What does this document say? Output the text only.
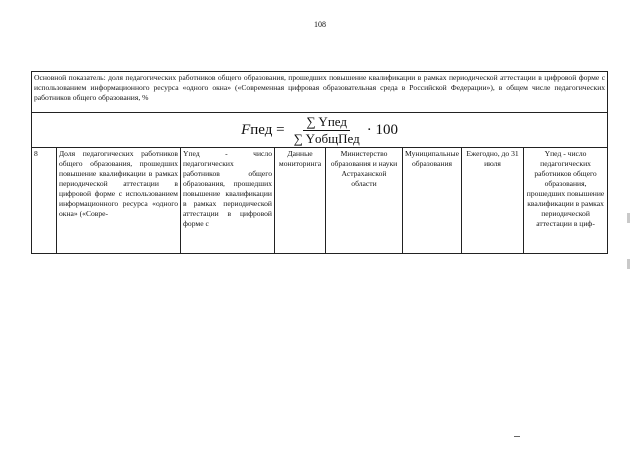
108
Основной показатель: доля педагогических работников общего образования, прошедших повышение квалификации в рамках периодической аттестации в цифровой форме с использованием информационного ресурса «одного окна» («Современная цифровая образовательная среда в Российской Федерации»), в общем числе педагогических работников общего образования, %

Fпед = $\frac{\text{∑ Yпед}}{\text{∑ YобщПед}} \cdot 100$

8	Доля педагогических работников общего образования, прошедших повышение квалификации в рамках периодической аттестации в цифровой форме с использованием информационного ресурса «одного окна» («Совре-	Yпед - число педагогических работников общего образования, прошедших повышение квалификации в рамках периодической аттестации в цифровой форме с	Данные мониторинга	Министерство образования и науки Астраханской области	Муниципальные образования	Ежегодно, до 31 июля	Yпед - число педагогических работников общего образования, прошедших повышение квалификации в рамках периодической аттестации в циф-
